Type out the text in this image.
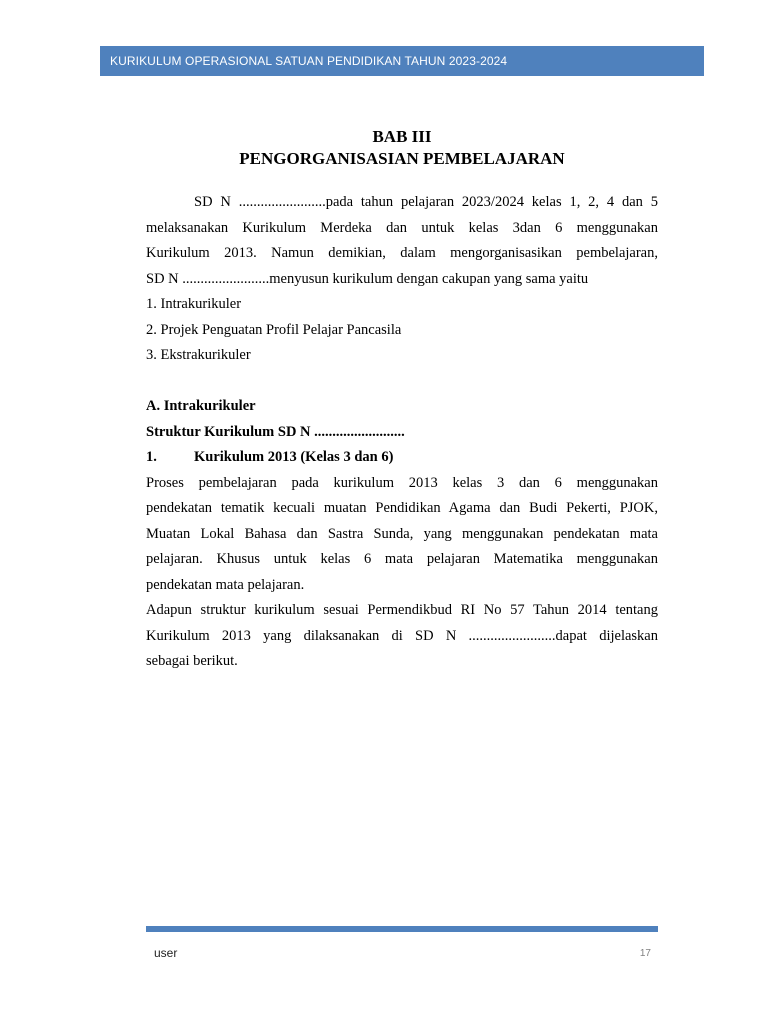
KURIKULUM OPERASIONAL SATUAN PENDIDIKAN TAHUN 2023-2024
BAB III
PENGORGANISASIAN PEMBELAJARAN

SD N ........................pada tahun pelajaran 2023/2024 kelas 1, 2, 4 dan 5

melaksanakan Kurikulum Merdeka dan untuk kelas 3dan 6 menggunakan

Kurikulum 2013. Namun demikian, dalam mengorganisasikan pembelajaran,

SD N ........................menyusun kurikulum dengan cakupan yang sama yaitu

1. Intrakurikuler

2. Projek Penguatan Profil Pelajar Pancasila

3. Ekstrakurikuler

A. Intrakurikuler

Struktur Kurikulum SD N .........................

1.	Kurikulum 2013 (Kelas 3 dan 6)

Proses pembelajaran pada kurikulum 2013 kelas 3 dan 6 menggunakan

pendekatan tematik kecuali muatan Pendidikan Agama dan Budi Pekerti, PJOK,

Muatan Lokal Bahasa dan Sastra Sunda, yang menggunakan pendekatan mata

pelajaran. Khusus untuk kelas 6 mata pelajaran Matematika menggunakan

pendekatan mata pelajaran.

Adapun struktur kurikulum sesuai Permendikbud RI No 57 Tahun 2014 tentang

Kurikulum 2013 yang dilaksanakan di SD N ........................dapat dijelaskan

sebagai berikut.

user	17
